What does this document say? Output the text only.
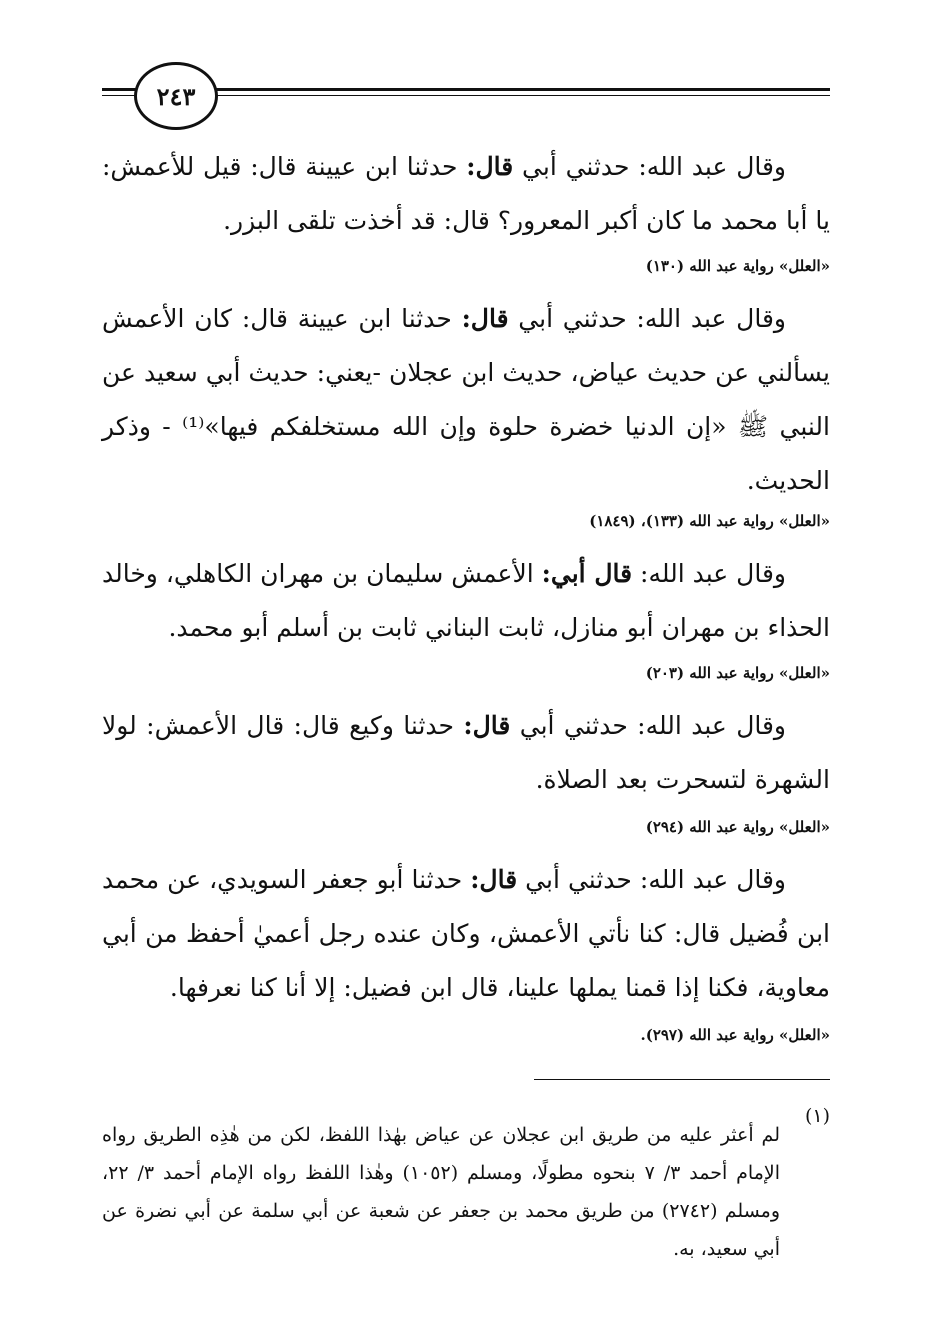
٢٤٣

وقال عبد الله: حدثني أبي قال: حدثنا ابن عيينة قال: قيل للأعمش: يا أبا محمد ما كان أكبر المعرور؟ قال: قد أخذت تلقى البزر.

«العلل» رواية عبد الله (١٣٠)

وقال عبد الله: حدثني أبي قال: حدثنا ابن عيينة قال: كان الأعمش يسألني عن حديث عياض، حديث ابن عجلان -يعني: حديث أبي سعيد عن النبي ﷺ «إن الدنيا خضرة حلوة وإن الله مستخلفكم فيها»⁽¹⁾ - وذكر الحديث.

«العلل» رواية عبد الله (١٣٣)، (١٨٤٩)

وقال عبد الله: قال أبي: الأعمش سليمان بن مهران الكاهلي، وخالد الحذاء بن مهران أبو منازل، ثابت البناني ثابت بن أسلم أبو محمد.

«العلل» رواية عبد الله (٢٠٣)

وقال عبد الله: حدثني أبي قال: حدثنا وكيع قال: قال الأعمش: لولا الشهرة لتسحرت بعد الصلاة.

«العلل» رواية عبد الله (٢٩٤)

وقال عبد الله: حدثني أبي قال: حدثنا أبو جعفر السويدي، عن محمد ابن فُضيل قال: كنا نأتي الأعمش، وكان عنده رجل أعميٰ أحفظ من أبي معاوية، فكنا إذا قمنا يملها علينا، قال ابن فضيل: إلا أنا كنا نعرفها.

«العلل» رواية عبد الله (٢٩٧).

(١)

لم أعثر عليه من طريق ابن عجلان عن عياض بهٰذا اللفظ، لكن من هٰذِه الطريق رواه الإمام أحمد ٣/ ٧ بنحوه مطولًا، ومسلم (١٠٥٢) وهٰذا اللفظ رواه الإمام أحمد ٣/ ٢٢، ومسلم (٢٧٤٢) من طريق محمد بن جعفر عن شعبة عن أبي سلمة عن أبي نضرة عن أبي سعيد، به.
